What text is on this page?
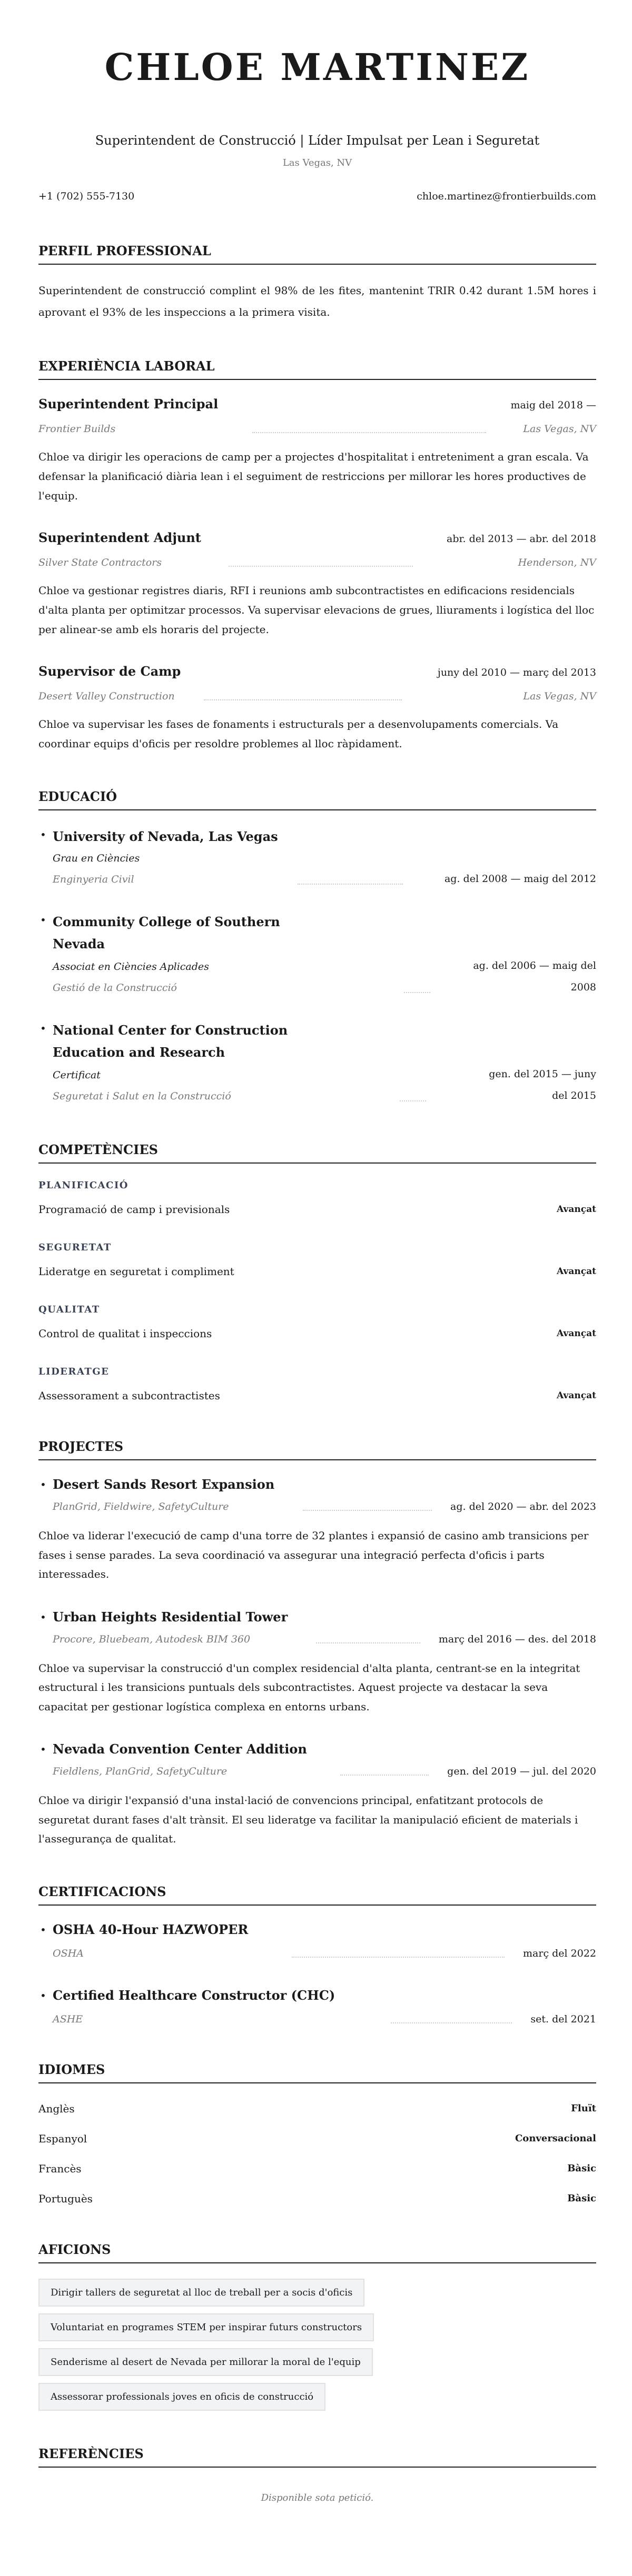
CHLOE MARTINEZ
Superintendent de Construcció | Líder Impulsat per Lean i Seguretat
Las Vegas, NV
+1 (702) 555-7130	chloe.martinez@frontierbuilds.com
PERFIL PROFESSIONAL

Superintendent de construcció complint el 98% de les fites, mantenint TRIR 0.42 durant 1.5M hores i aprovant el 93% de les inspeccions a la primera visita.

EXPERIÈNCIA LABORAL
Superintendent Principal	maig del 2018 —
Frontier Builds	Las Vegas, NV

Chloe va dirigir les operacions de camp per a projectes d'hospitalitat i entreteniment a gran escala. Va defensar la planificació diària lean i el seguiment de restriccions per millorar les hores productives de l'equip.

Superintendent Adjunt	abr. del 2013 — abr. del 2018
Silver State Contractors	Henderson, NV

Chloe va gestionar registres diaris, RFI i reunions amb subcontractistes en edificacions residencials d'alta planta per optimitzar processos. Va supervisar elevacions de grues, lliuraments i logística del lloc per alinear-se amb els horaris del projecte.

Supervisor de Camp	juny del 2010 — març del 2013
Desert Valley Construction	Las Vegas, NV

Chloe va supervisar les fases de fonaments i estructurals per a desenvolupaments comercials. Va coordinar equips d'oficis per resoldre problemes al lloc ràpidament.

EDUCACIÓ
• University of Nevada, Las Vegas
Grau en Ciències
Enginyeria Civil	ag. del 2008 — maig del 2012
• Community College of Southern Nevada
Associat en Ciències Aplicades
Gestió de la Construcció
ag. del 2006 — maig del 2008
• National Center for Construction Education and Research
Certificat
Seguretat i Salut en la Construcció
gen. del 2015 — juny del 2015
COMPETÈNCIES
PLANIFICACIÓ
Programació de camp i previsionals	Avançat
SEGURETAT
Lideratge en seguretat i compliment	Avançat
QUALITAT
Control de qualitat i inspeccions	Avançat
LIDERATGE
Assessorament a subcontractistes	Avançat
PROJECTES
• Desert Sands Resort Expansion
PlanGrid, Fieldwire, SafetyCulture	ag. del 2020 — abr. del 2023

Chloe va liderar l'execució de camp d'una torre de 32 plantes i expansió de casino amb transicions per fases i sense parades. La seva coordinació va assegurar una integració perfecta d'oficis i parts interessades.

• Urban Heights Residential Tower
Procore, Bluebeam, Autodesk BIM 360	març del 2016 — des. del 2018

Chloe va supervisar la construcció d'un complex residencial d'alta planta, centrant-se en la integritat estructural i les transicions puntuals dels subcontractistes. Aquest projecte va destacar la seva capacitat per gestionar logística complexa en entorns urbans.

• Nevada Convention Center Addition
Fieldlens, PlanGrid, SafetyCulture	gen. del 2019 — jul. del 2020

Chloe va dirigir l'expansió d'una instal·lació de convencions principal, enfatitzant protocols de seguretat durant fases d'alt trànsit. El seu lideratge va facilitar la manipulació eficient de materials i l'assegurança de qualitat.

CERTIFICACIONS
• OSHA 40-Hour HAZWOPER
OSHA	març del 2022
• Certified Healthcare Constructor (CHC)
ASHE	set. del 2021
IDIOMES
Anglès	Fluït
Espanyol	Conversacional
Francès	Bàsic
Portuguès	Bàsic
AFICIONS
Dirigir tallers de seguretat al lloc de treball per a socis d'oficis
Voluntariat en programes STEM per inspirar futurs constructors
Senderisme al desert de Nevada per millorar la moral de l'equip
Assessorar professionals joves en oficis de construcció
REFERÈNCIES

Disponible sota petició.
